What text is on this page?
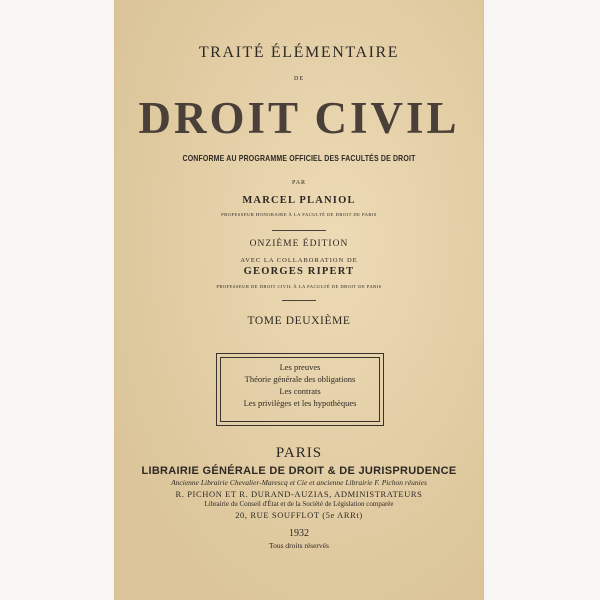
TRAITÉ ÉLÉMENTAIRE
DE
DROIT CIVIL
CONFORME AU PROGRAMME OFFICIEL DES FACULTÉS DE DROIT
PAR
MARCEL PLANIOL
PROFESSEUR HONORAIRE À LA FACULTÉ DE DROIT DE PARIS
ONZIÈME ÉDITION
AVEC LA COLLABORATION DE
GEORGES RIPERT
PROFESSEUR DE DROIT CIVIL À LA FACULTÉ DE DROIT DE PARIS
TOME DEUXIÈME
Les preuves
Théorie générale des obligations
Les contrats
Les privilèges et les hypothèques
PARIS
LIBRAIRIE GÉNÉRALE DE DROIT & DE JURISPRUDENCE
Ancienne Librairie Chevalier-Marescq et Cie et ancienne Librairie F. Pichon réunies
R. PICHON ET R. DURAND-AUZIAS, ADMINISTRATEURS
Librairie du Conseil d'État et de la Société de Législation comparée
20, RUE SOUFFLOT (5e ARRt)
1932
Tous droits réservés
